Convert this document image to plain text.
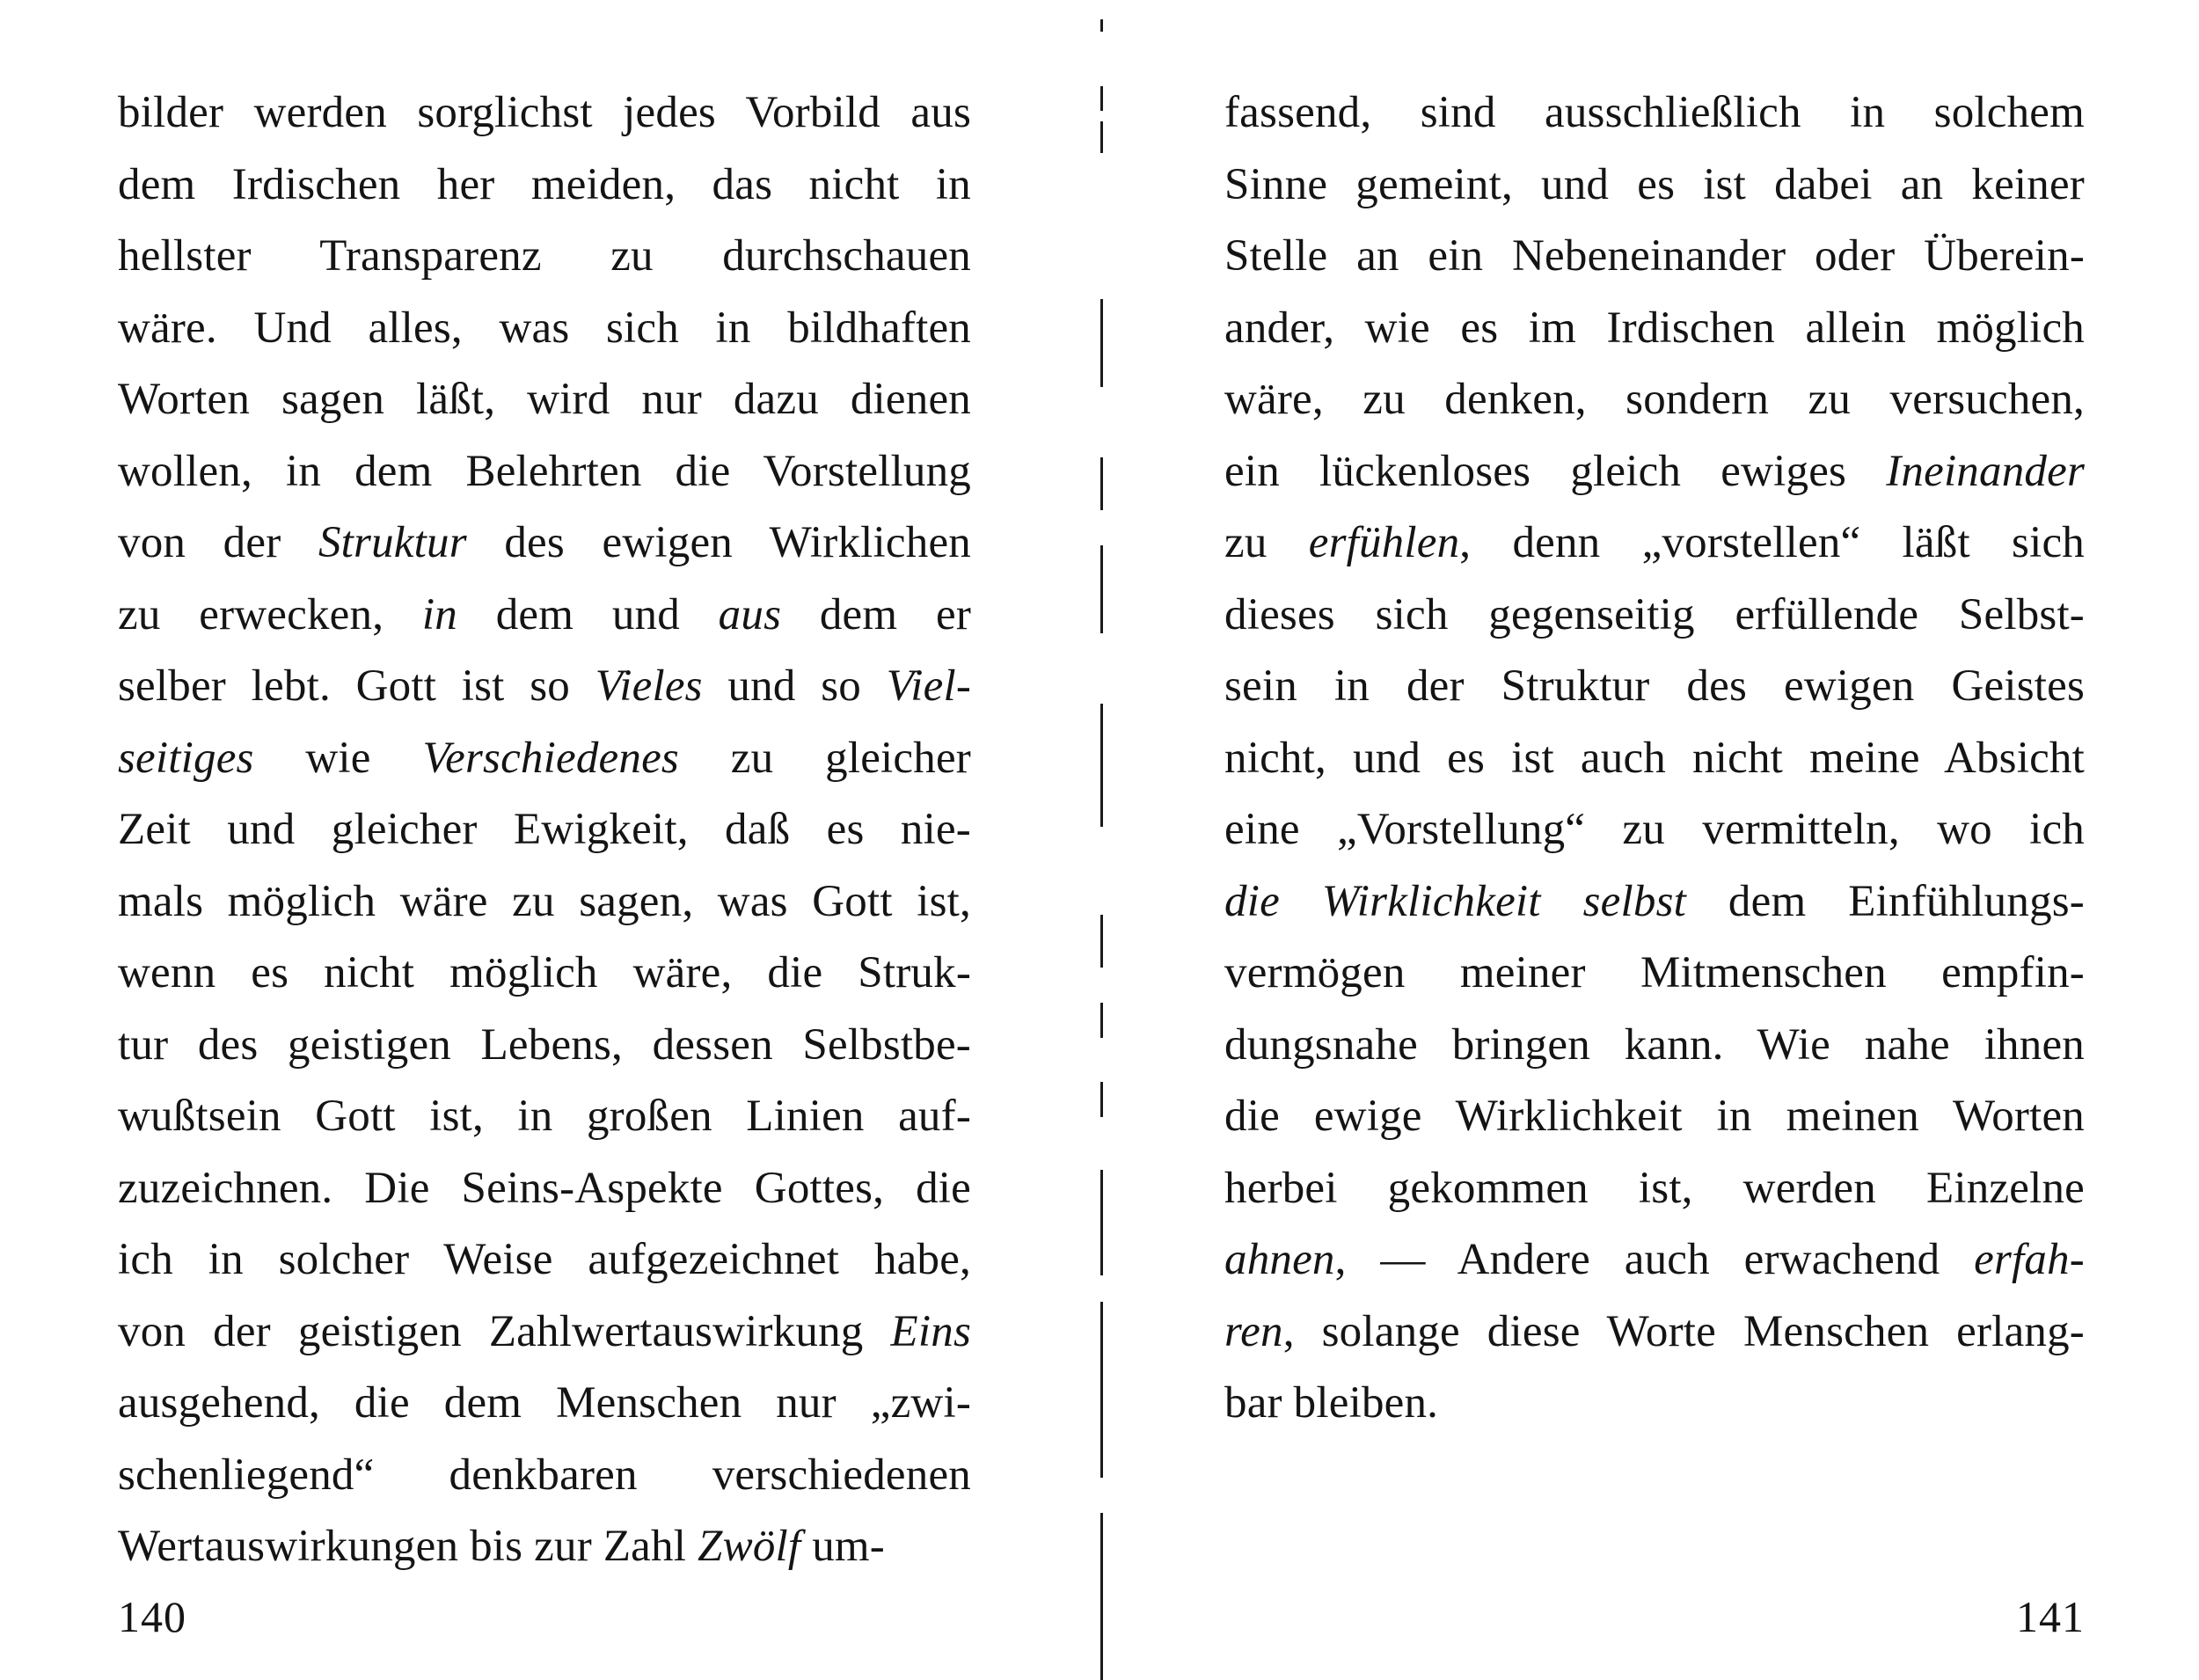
bilder werden sorglichst jedes Vorbild aus
dem Irdischen her meiden, das nicht in
hellster Transparenz zu durchschauen
wäre. Und alles, was sich in bildhaften
Worten sagen läßt, wird nur dazu dienen
wollen, in dem Belehrten die Vorstellung
von der Struktur des ewigen Wirklichen
zu erwecken, in dem und aus dem er
selber lebt. Gott ist so Vieles und so Viel-
seitiges wie Verschiedenes zu gleicher
Zeit und gleicher Ewigkeit, daß es nie-
mals möglich wäre zu sagen, was Gott ist,
wenn es nicht möglich wäre, die Struk-
tur des geistigen Lebens, dessen Selbstbe-
wußtsein Gott ist, in großen Linien auf-
zuzeichnen. Die Seins-Aspekte Gottes, die
ich in solcher Weise aufgezeichnet habe,
von der geistigen Zahlwertauswirkung Eins
ausgehend, die dem Menschen nur „zwi-
schenliegend“ denkbaren verschiedenen
Wertauswirkungen bis zur Zahl Zwölf um-
140
fassend, sind ausschließlich in solchem
Sinne gemeint, und es ist dabei an keiner
Stelle an ein Nebeneinander oder Überein-
ander, wie es im Irdischen allein möglich
wäre, zu denken, sondern zu versuchen,
ein lückenloses gleich ewiges Ineinander
zu erfühlen, denn „vorstellen“ läßt sich
dieses sich gegenseitig erfüllende Selbst-
sein in der Struktur des ewigen Geistes
nicht, und es ist auch nicht meine Absicht
eine „Vorstellung“ zu vermitteln, wo ich
die Wirklichkeit selbst dem Einfühlungs-
vermögen meiner Mitmenschen empfin-
dungsnahe bringen kann. Wie nahe ihnen
die ewige Wirklichkeit in meinen Worten
herbei gekommen ist, werden Einzelne
ahnen, — Andere auch erwachend erfah-
ren, solange diese Worte Menschen erlang-
bar bleiben.
141
